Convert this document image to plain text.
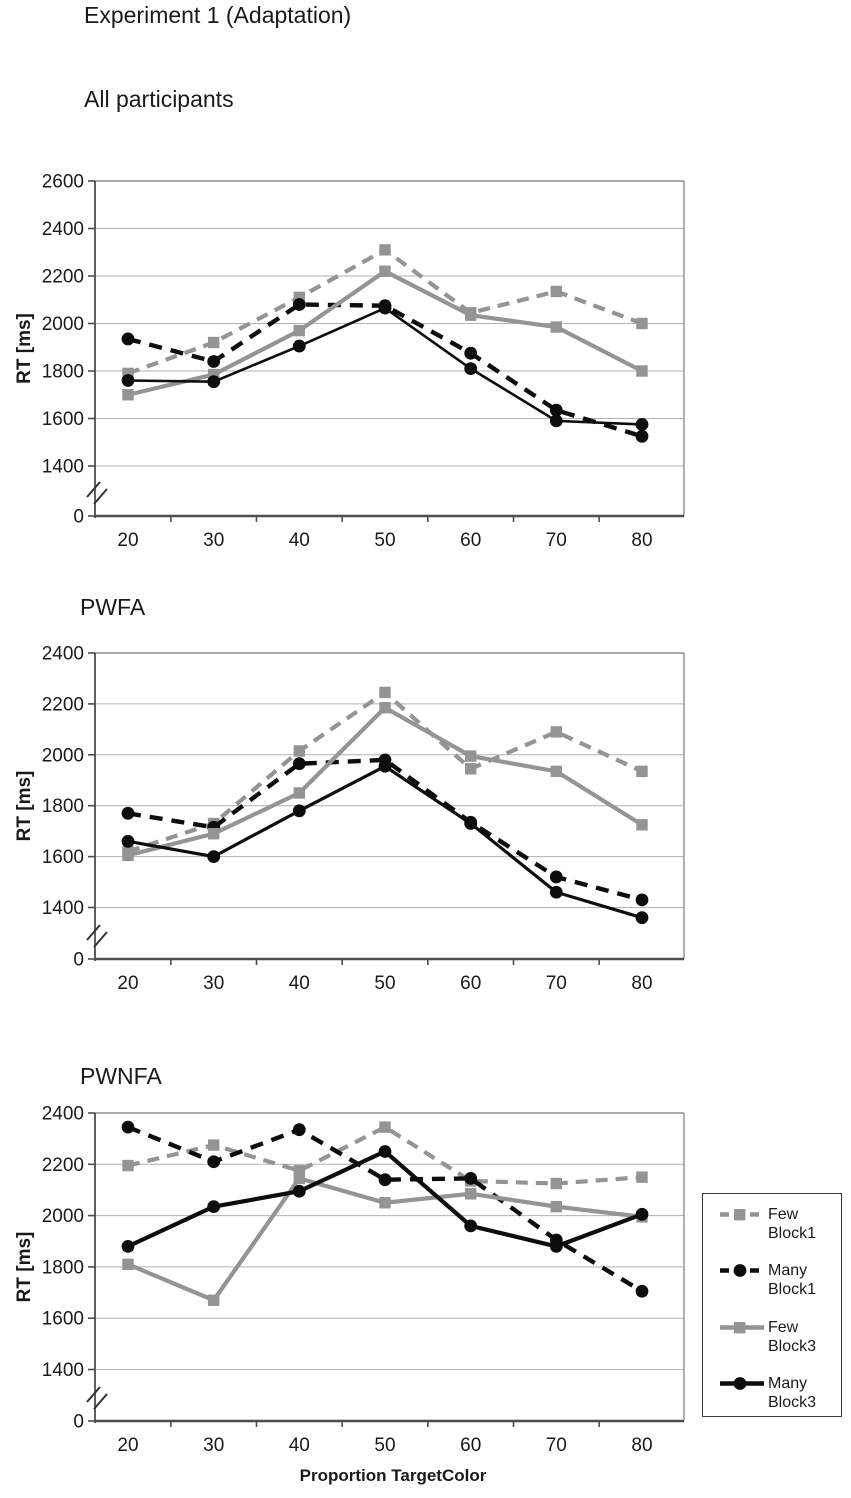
Experiment 1 (Adaptation)
All participants
PWFA
PWNFA
2600
2400
2200
2000
1800
1600
1400
0
20	30	40	50	60	70	80
RT [ms]
2400
2200
2000
1800
1600
1400
0
20	30	40	50	60	70	80
RT [ms]
2400
2200
2000
1800
1600
1400
0
20	30	40	50	60	70	80
RT [ms]
Few
Block1
Many
Block1
Few
Block3
Many
Block3
Proportion TargetColor
